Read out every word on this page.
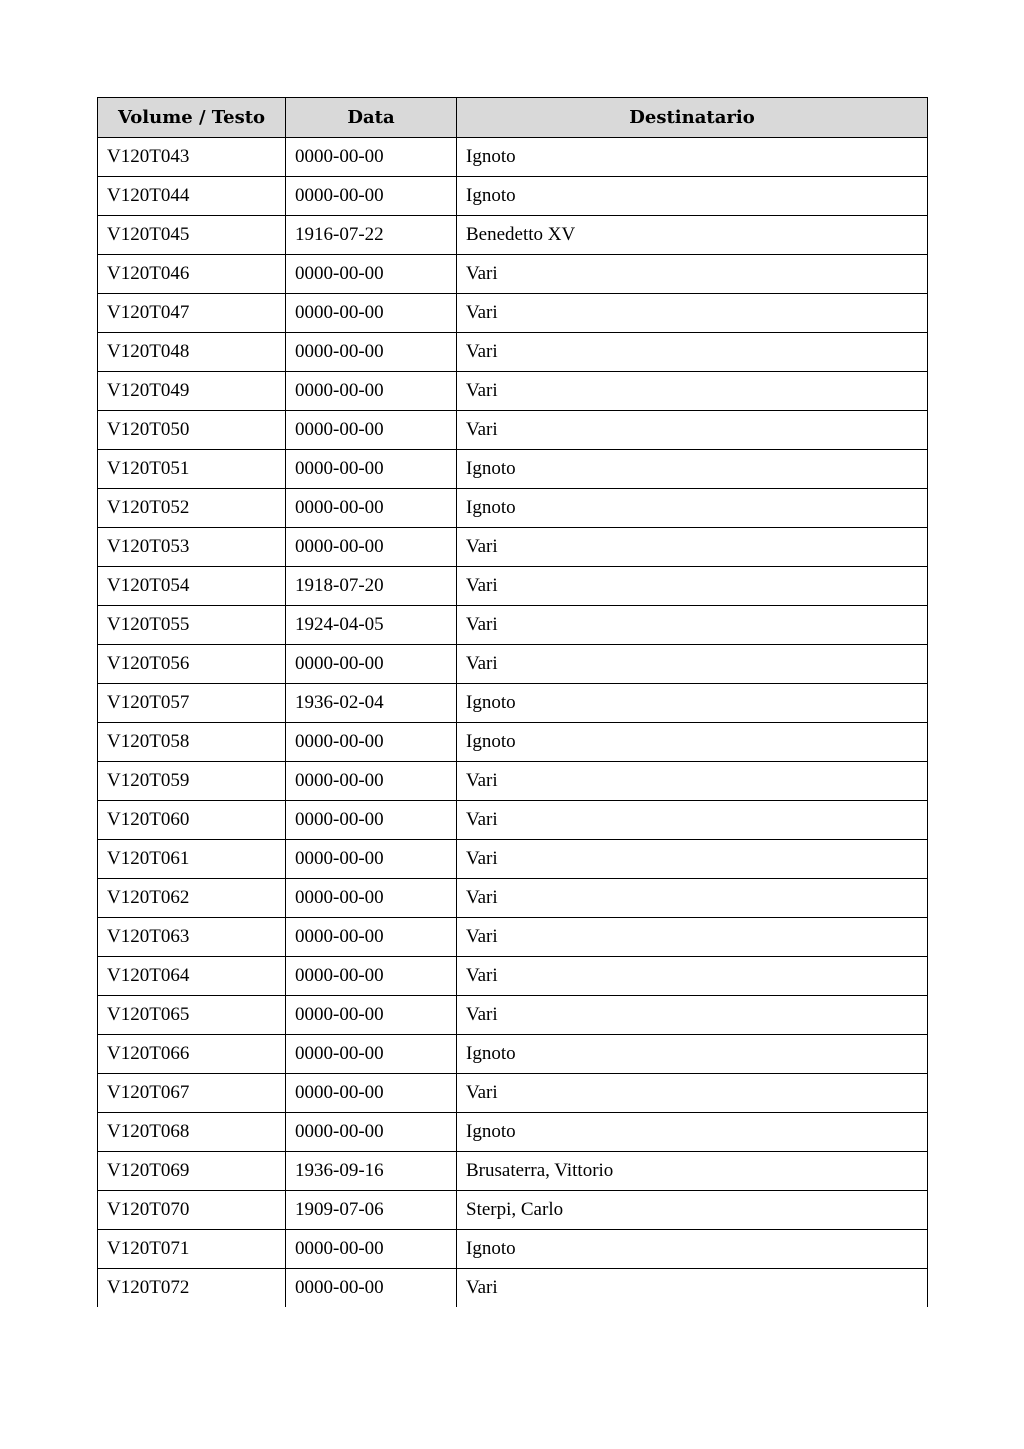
Volume / Testo	Data	Destinatario
V120T043	0000-00-00	Ignoto
V120T044	0000-00-00	Ignoto
V120T045	1916-07-22	Benedetto XV
V120T046	0000-00-00	Vari
V120T047	0000-00-00	Vari
V120T048	0000-00-00	Vari
V120T049	0000-00-00	Vari
V120T050	0000-00-00	Vari
V120T051	0000-00-00	Ignoto
V120T052	0000-00-00	Ignoto
V120T053	0000-00-00	Vari
V120T054	1918-07-20	Vari
V120T055	1924-04-05	Vari
V120T056	0000-00-00	Vari
V120T057	1936-02-04	Ignoto
V120T058	0000-00-00	Ignoto
V120T059	0000-00-00	Vari
V120T060	0000-00-00	Vari
V120T061	0000-00-00	Vari
V120T062	0000-00-00	Vari
V120T063	0000-00-00	Vari
V120T064	0000-00-00	Vari
V120T065	0000-00-00	Vari
V120T066	0000-00-00	Ignoto
V120T067	0000-00-00	Vari
V120T068	0000-00-00	Ignoto
V120T069	1936-09-16	Brusaterra, Vittorio
V120T070	1909-07-06	Sterpi, Carlo
V120T071	0000-00-00	Ignoto
V120T072	0000-00-00	Vari
